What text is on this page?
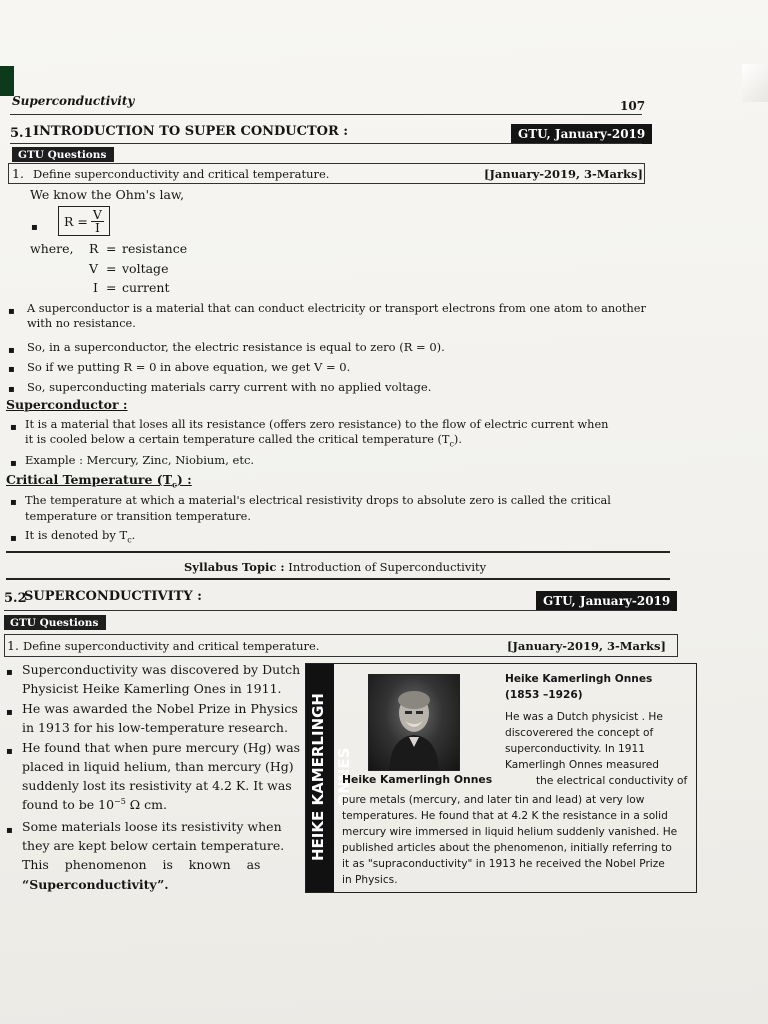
Superconductivity	107
5.1 INTRODUCTION TO SUPER CONDUCTOR :	GTU, January-2019
GTU Questions
1. Define superconductivity and critical temperature.	[January-2019, 3-Marks]
We know the Ohm's law,
▪ $R = \frac{V}{I}$
where, R = resistance
V = voltage
I = current
▪ A superconductor is a material that can conduct electricity or transport electrons from one atom to another
with no resistance.
▪ So, in a superconductor, the electric resistance is equal to zero (R = 0).
▪ So if we putting R = 0 in above equation, we get V = 0.
▪ So, superconducting materials carry current with no applied voltage.
Superconductor :
▪ It is a material that loses all its resistance (offers zero resistance) to the flow of electric current when
it is cooled below a certain temperature called the critical temperature $(T_c)$.
▪ Example : Mercury, Zinc, Niobium, etc.
Critical Temperature $(T_c)$ :
▪ The temperature at which a material's electrical resistivity drops to absolute zero is called the critical
temperature or transition temperature.
▪ It is denoted by $T_c$.
Syllabus Topic : Introduction of Superconductivity
5.2
SUPERCONDUCTIVITY :	GTU, January-2019
GTU Questions
1. Define superconductivity and critical temperature.	[January-2019, 3-Marks]
▪ Superconductivity was discovered by Dutch
Physicist Heike Kamerling Ones in 1911.
▪ He was awarded the Nobel Prize in Physics
in 1913 for his low-temperature research.
▪ He found that when pure mercury (Hg) was
placed in liquid helium, than mercury (Hg)
suddenly lost its resistivity at 4.2 K. It was
found to be $10^{-5}$ Ω cm.
▪ Some materials loose its resistivity when
they are kept below certain temperature.
This    phenomenon    is    known    as
“Superconductivity”.
HEIKE KAMERLINGH ONNES
Heike Kamerlingh Onnes
Heike Kamerlingh Onnes
(1853 –1926)
He was a Dutch physicist . He
discoverered the concept of
superconductivity. In 1911
Kamerlingh Onnes measured
the electrical conductivity of
pure metals (mercury, and later tin and lead) at very low
temperatures. He found that at 4.2 K the resistance in a solid
mercury wire immersed in liquid helium suddenly vanished. He
published articles about the phenomenon, initially referring to
it as "supraconductivity" in 1913 he received the Nobel Prize
in Physics.
